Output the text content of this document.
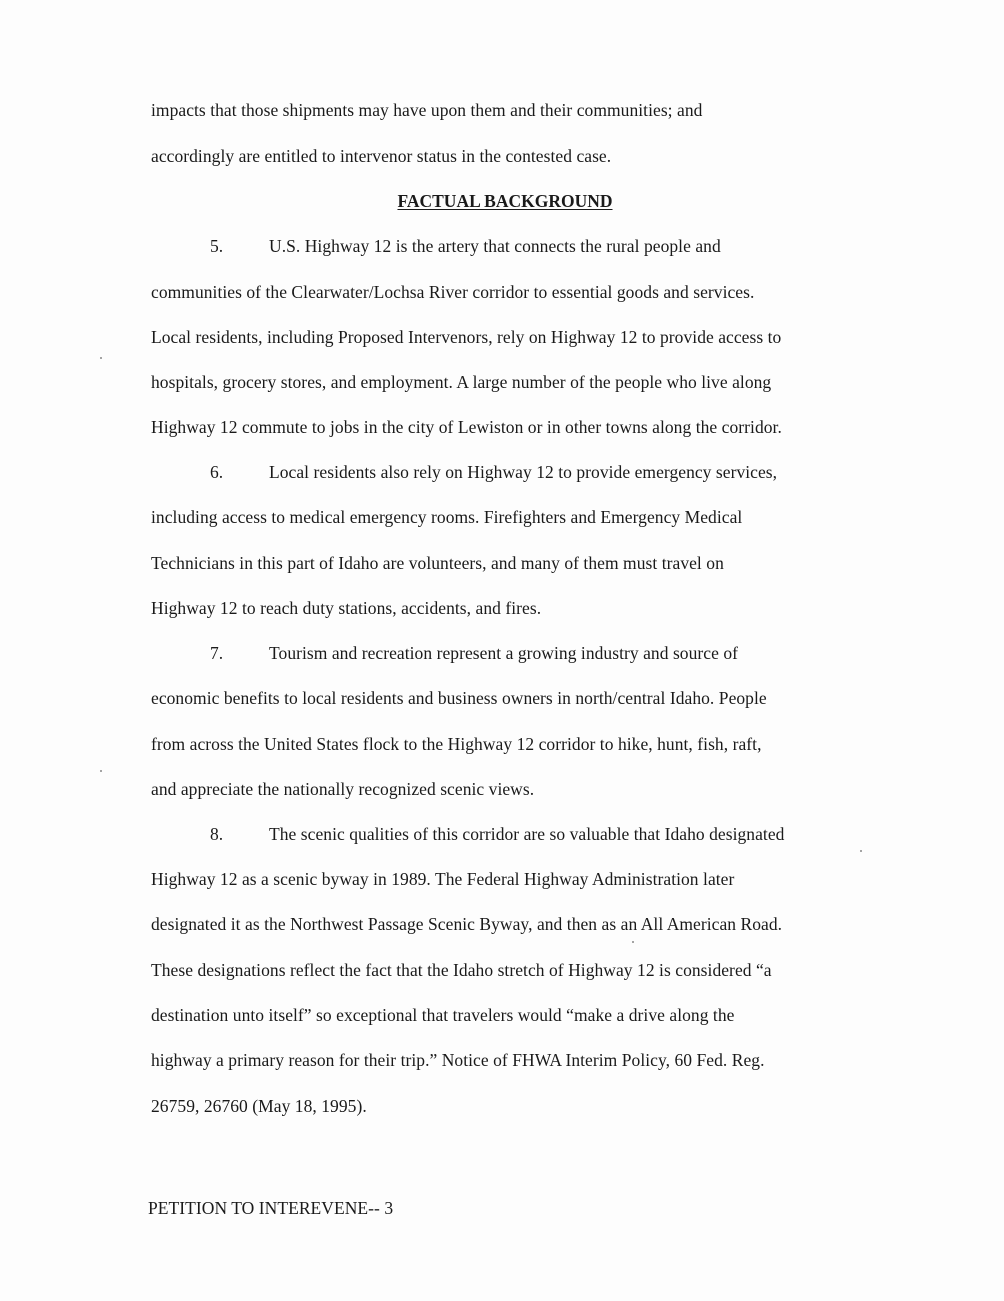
impacts that those shipments may have upon them and their communities; and
accordingly are entitled to intervenor status in the contested case.
FACTUAL BACKGROUND
5.	U.S. Highway 12 is the artery that connects the rural people and
communities of the Clearwater/Lochsa River corridor to essential goods and services.
Local residents, including Proposed Intervenors, rely on Highway 12 to provide access to
hospitals, grocery stores, and employment. A large number of the people who live along
Highway 12 commute to jobs in the city of Lewiston or in other towns along the corridor.
6.	Local residents also rely on Highway 12 to provide emergency services,
including access to medical emergency rooms. Firefighters and Emergency Medical
Technicians in this part of Idaho are volunteers, and many of them must travel on
Highway 12 to reach duty stations, accidents, and fires.
7.	Tourism and recreation represent a growing industry and source of
economic benefits to local residents and business owners in north/central Idaho. People
from across the United States flock to the Highway 12 corridor to hike, hunt, fish, raft,
and appreciate the nationally recognized scenic views.
8.	The scenic qualities of this corridor are so valuable that Idaho designated
Highway 12 as a scenic byway in 1989. The Federal Highway Administration later
designated it as the Northwest Passage Scenic Byway, and then as an All American Road.
These designations reflect the fact that the Idaho stretch of Highway 12 is considered “a
destination unto itself” so exceptional that travelers would “make a drive along the
highway a primary reason for their trip.” Notice of FHWA Interim Policy, 60 Fed. Reg.
26759, 26760 (May 18, 1995).
PETITION TO INTEREVENE-- 3
